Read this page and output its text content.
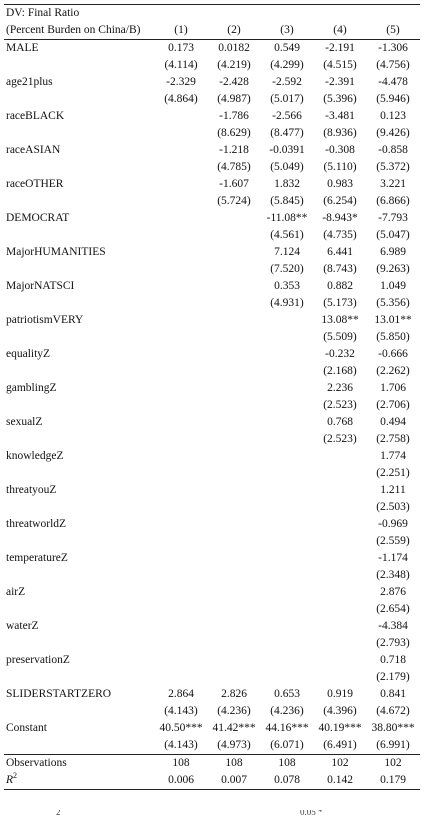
DV: Final Ratio					
(Percent Burden on China/B)	(1)	(2)	(3)	(4)	(5)
MALE	0.173	0.0182	0.549	-2.191	-1.306
	(4.114)	(4.219)	(4.299)	(4.515)	(4.756)
age21plus	-2.329	-2.428	-2.592	-2.391	-4.478
	(4.864)	(4.987)	(5.017)	(5.396)	(5.946)
raceBLACK		-1.786	-2.566	-3.481	0.123
		(8.629)	(8.477)	(8.936)	(9.426)
raceASIAN		-1.218	-0.0391	-0.308	-0.858
		(4.785)	(5.049)	(5.110)	(5.372)
raceOTHER		-1.607	1.832	0.983	3.221
		(5.724)	(5.845)	(6.254)	(6.866)
DEMOCRAT			-11.08**	-8.943*	-7.793
			(4.561)	(4.735)	(5.047)
MajorHUMANITIES			7.124	6.441	6.989
			(7.520)	(8.743)	(9.263)
MajorNATSCI			0.353	0.882	1.049
			(4.931)	(5.173)	(5.356)
patriotismVERY				13.08**	13.01**
				(5.509)	(5.850)
equalityZ				-0.232	-0.666
				(2.168)	(2.262)
gamblingZ				2.236	1.706
				(2.523)	(2.706)
sexualZ				0.768	0.494
				(2.523)	(2.758)
knowledgeZ					1.774
					(2.251)
threatyouZ					1.211
					(2.503)
threatworldZ					-0.969
					(2.559)
temperatureZ					-1.174
					(2.348)
airZ					2.876
					(2.654)
waterZ					-4.384
					(2.793)
preservationZ					0.718
					(2.179)
SLIDERSTARTZERO	2.864	2.826	0.653	0.919	0.841
	(4.143)	(4.236)	(4.236)	(4.396)	(4.672)
Constant	40.50***	41.42***	44.16***	40.19***	38.80***
	(4.143)	(4.973)	(6.071)	(6.491)	(6.991)
Observations	108	108	108	102	102
$R^2$	0.006	0.007	0.078	0.142	0.179
2	0.05 *
